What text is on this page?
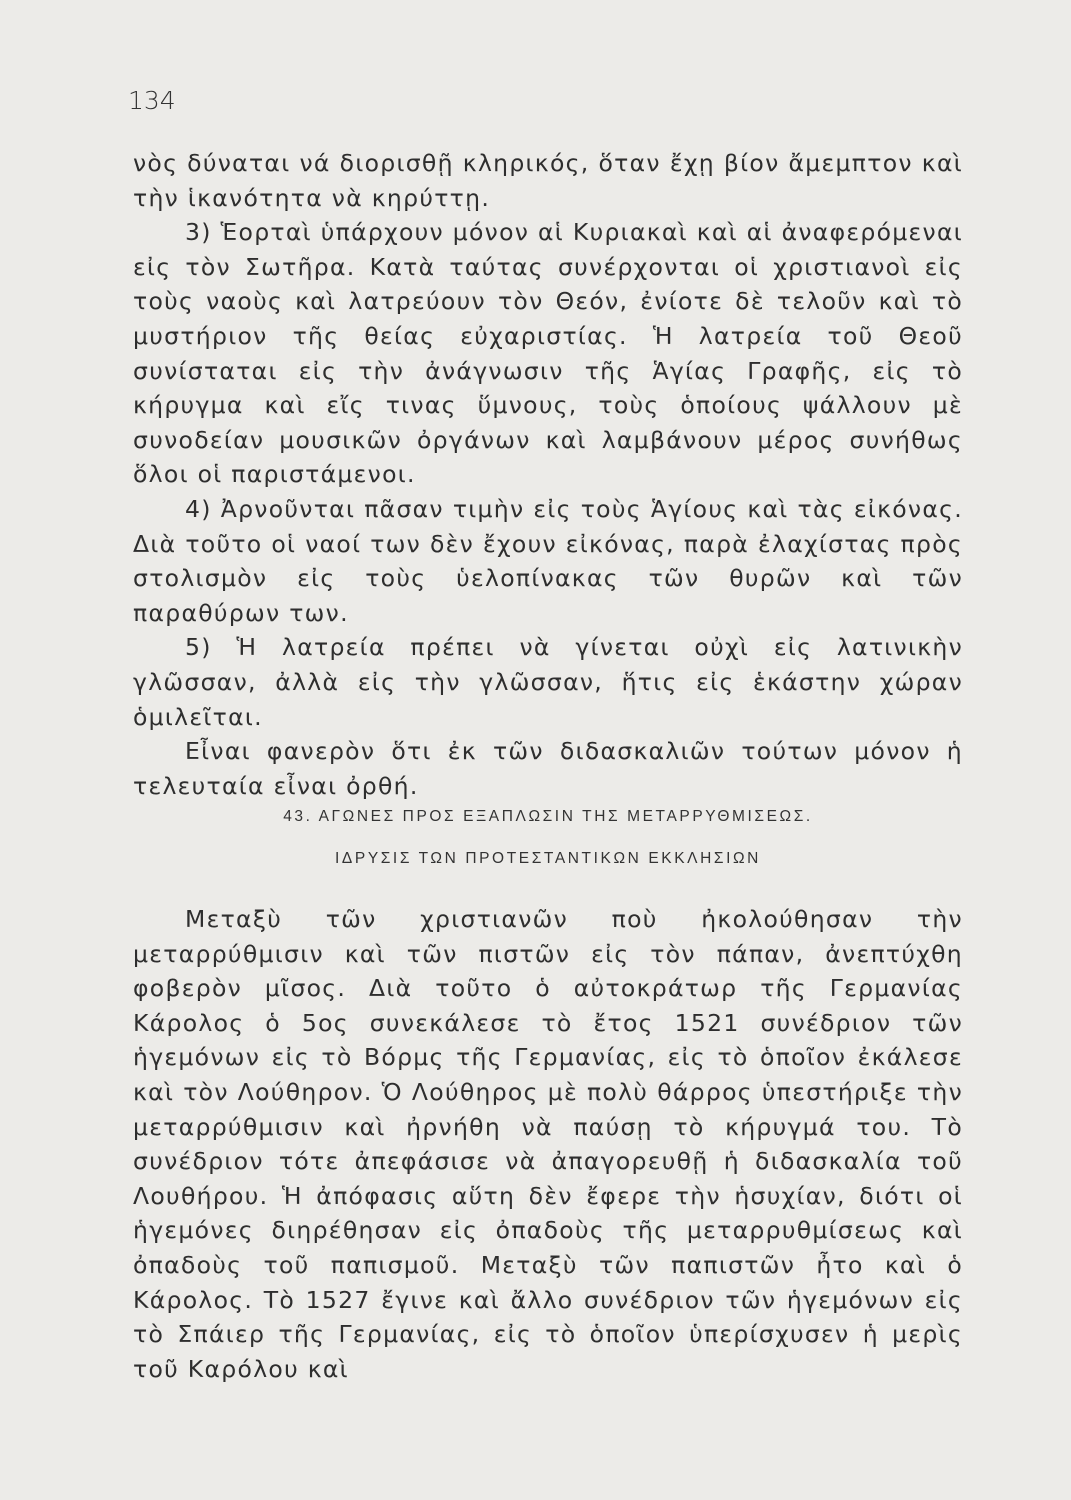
134

νὸς δύναται νά διορισθῇ κληρικός, ὅταν ἔχῃ βίον ἄμεμπτον καὶ τὴν ἱκανότητα νὰ κηρύττῃ.

3) Ἑορταὶ ὑπάρχουν μόνον αἱ Κυριακαὶ καὶ αἱ ἀναφερόμεναι εἰς τὸν Σωτῆρα. Κατὰ ταύτας συνέρχονται οἱ χριστιανοὶ εἰς τοὺς ναοὺς καὶ λατρεύουν τὸν Θεόν, ἐνίοτε δὲ τελοῦν καὶ τὸ μυστήριον τῆς θείας εὐχαριστίας. Ἡ λατρεία τοῦ Θεοῦ συνίσταται εἰς τὴν ἀνάγνωσιν τῆς Ἁγίας Γραφῆς, εἰς τὸ κήρυγμα καὶ εἴς τινας ὕμνους, τοὺς ὁποίους ψάλλουν μὲ συνοδείαν μουσικῶν ὀργάνων καὶ λαμβάνουν μέρος συνήθως ὅλοι οἱ παριστάμενοι.

4) Ἀρνοῦνται πᾶσαν τιμὴν εἰς τοὺς Ἁγίους καὶ τὰς εἰκόνας. Διὰ τοῦτο οἱ ναοί των δὲν ἔχουν εἰκόνας, παρὰ ἐλαχίστας πρὸς στολισμὸν εἰς τοὺς ὑελοπίνακας τῶν θυρῶν καὶ τῶν παραθύρων των.

5) Ἡ λατρεία πρέπει νὰ γίνεται οὐχὶ εἰς λατινικὴν γλῶσσαν, ἀλλὰ εἰς τὴν γλῶσσαν, ἥτις εἰς ἑκάστην χώραν ὁμιλεῖται.

Εἶναι φανερὸν ὅτι ἐκ τῶν διδασκαλιῶν τούτων μόνον ἡ τελευταία εἶναι ὀρθή.

43. ΑΓΩΝΕΣ ΠΡΟΣ ΕΞΑΠΛΩΣΙΝ ΤΗΣ ΜΕΤΑΡΡΥΘΜΙΣΕΩΣ.
ΙΔΡΥΣΙΣ ΤΩΝ ΠΡΟΤΕΣΤΑΝΤΙΚΩΝ ΕΚΚΛΗΣΙΩΝ

Μεταξὺ τῶν χριστιανῶν ποὺ ἠκολούθησαν τὴν μεταρρύθμισιν καὶ τῶν πιστῶν εἰς τὸν πάπαν, ἀνεπτύχθη φοβερὸν μῖσος. Διὰ τοῦτο ὁ αὐτοκράτωρ τῆς Γερμανίας Κάρολος ὁ 5ος συνεκάλεσε τὸ ἔτος 1521 συνέδριον τῶν ἡγεμόνων εἰς τὸ Βόρμς τῆς Γερμανίας, εἰς τὸ ὁποῖον ἐκάλεσε καὶ τὸν Λούθηρον. Ὁ Λούθηρος μὲ πολὺ θάρρος ὑπεστήριξε τὴν μεταρρύθμισιν καὶ ἠρνήθη νὰ παύσῃ τὸ κήρυγμά του. Τὸ συνέδριον τότε ἀπεφάσισε νὰ ἀπαγορευθῇ ἡ διδασκαλία τοῦ Λουθήρου. Ἡ ἀπόφασις αὕτη δὲν ἔφερε τὴν ἡσυχίαν, διότι οἱ ἡγεμόνες διηρέθησαν εἰς ὀπαδοὺς τῆς μεταρρυθμίσεως καὶ ὀπαδοὺς τοῦ παπισμοῦ. Μεταξὺ τῶν παπιστῶν ἦτο καὶ ὁ Κάρολος. Τὸ 1527 ἔγινε καὶ ἄλλο συνέδριον τῶν ἡγεμόνων εἰς τὸ Σπάιερ τῆς Γερμανίας, εἰς τὸ ὁποῖον ὑπερίσχυσεν ἡ μερὶς τοῦ Καρόλου καὶ
